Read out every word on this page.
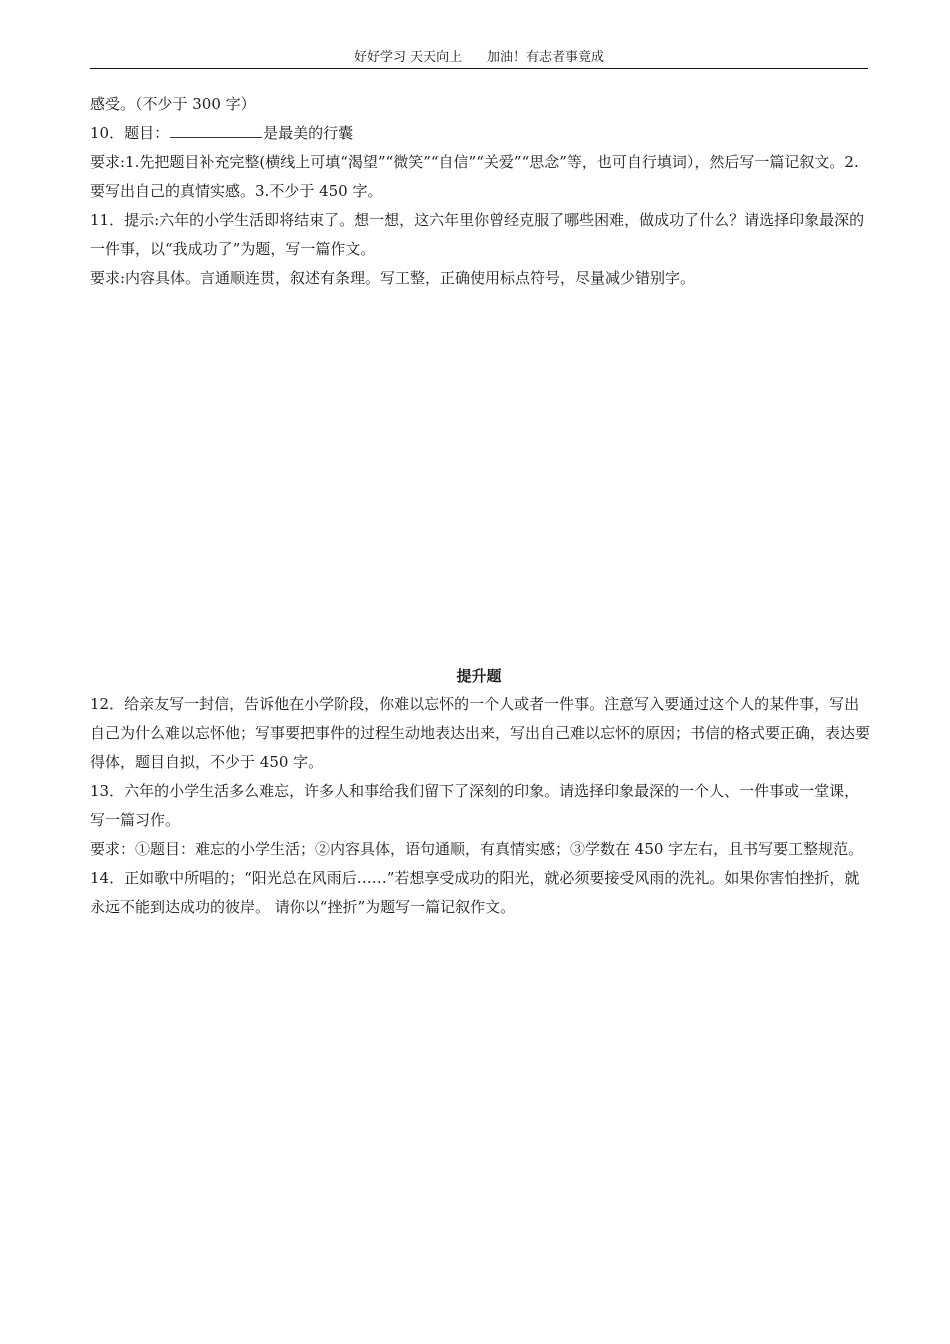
好好学习 天天向上 加油！有志者事竟成

感受。（不少于 300 字）

10．题目：	是最美的行囊

要求:1.先把题目补充完整(横线上可填“渴望”“微笑”“自信”“关爱”“思念”等，也可自行填词），然后写一篇记叙文。2.要写出自己的真情实感。3.不少于 450 字。

11．提示:六年的小学生活即将结束了。想一想，这六年里你曾经克服了哪些困难，做成功了什么？请选择印象最深的一件事，以“我成功了”为题，写一篇作文。

要求:内容具体。言通顺连贯，叙述有条理。写工整，正确使用标点符号，尽量减少错别字。

提升题

12．给亲友写一封信，告诉他在小学阶段，你难以忘怀的一个人或者一件事。注意写入要通过这个人的某件事，写出自己为什么难以忘怀他；写事要把事件的过程生动地表达出来，写出自己难以忘怀的原因；书信的格式要正确，表达要得体，题目自拟，不少于 450 字。

13．六年的小学生活多么难忘，许多人和事给我们留下了深刻的印象。请选择印象最深的一个人、一件事或一堂课，写一篇习作。

要求：①题目：难忘的小学生活；②内容具体，语句通顺，有真情实感；③学数在 450 字左右，且书写要工整规范。

14．正如歌中所唱的；“阳光总在风雨后……”若想享受成功的阳光，就必须要接受风雨的洗礼。如果你害怕挫折，就永远不能到达成功的彼岸。 请你以“挫折”为题写一篇记叙作文。
